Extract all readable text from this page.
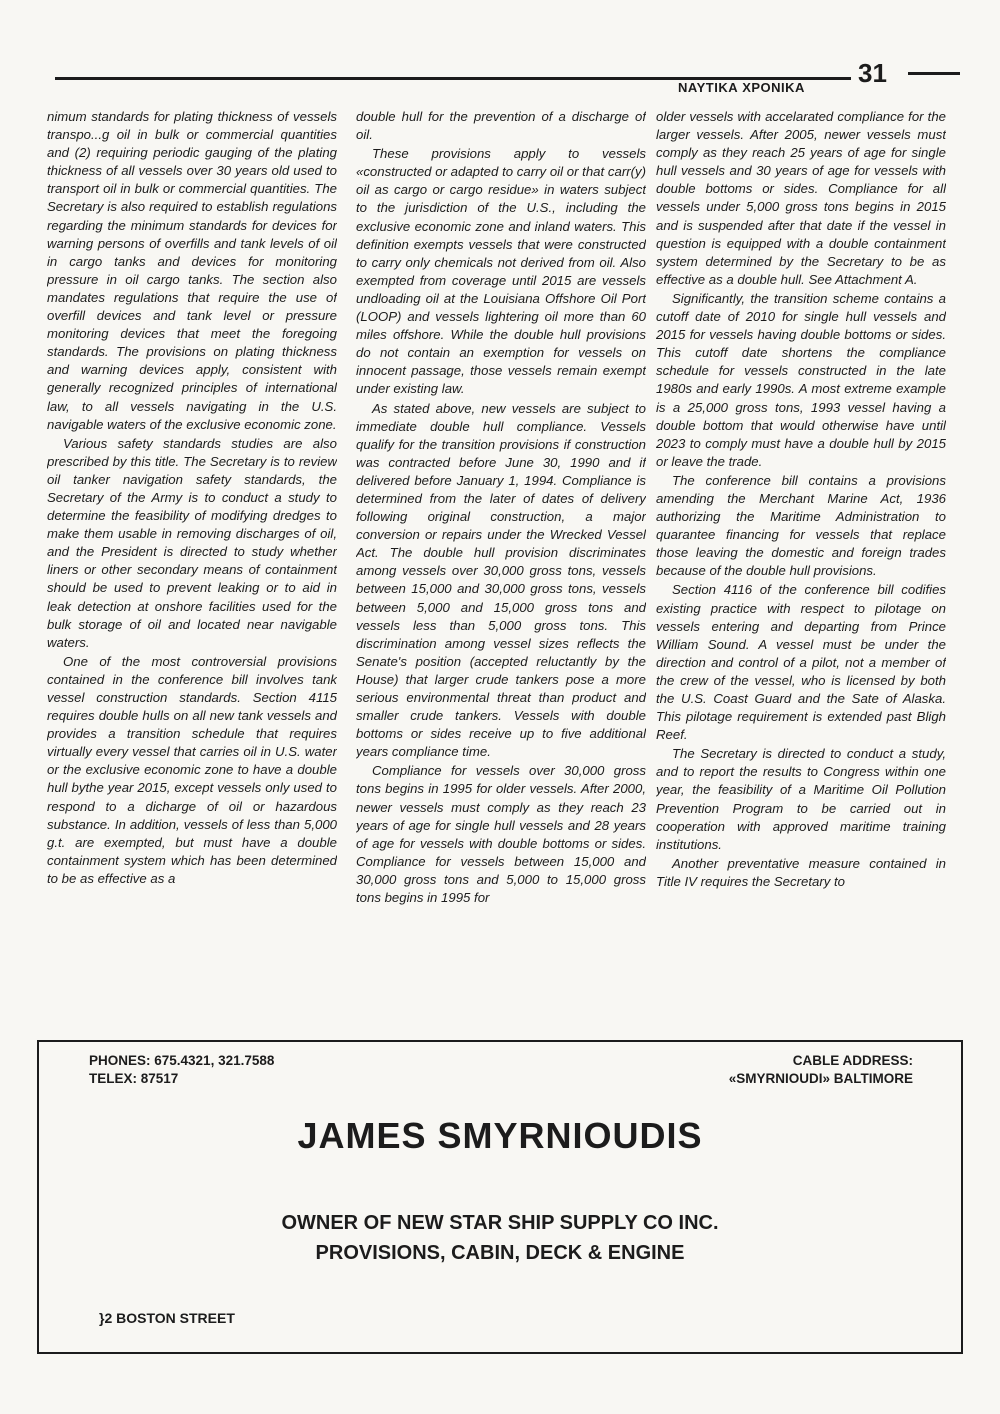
ΝΑΥΤΙΚΑ ΧΡΟΝΙΚΑ 31

nimum standards for plating thickness of vessels transpo...g oil in bulk or commercial quantities and (2) requiring periodic gauging of the plating thickness of all vessels over 30 years old used to transport oil in bulk or commercial quantities. The Secretary is also required to establish regulations regarding the minimum standards for devices for warning persons of overfills and tank levels of oil in cargo tanks and devices for monitoring pressure in oil cargo tanks. The section also mandates regulations that require the use of overfill devices and tank level or pressure monitoring devices that meet the foregoing standards. The provisions on plating thickness and warning devices apply, consistent with generally recognized principles of international law, to all vessels navigating in the U.S. navigable waters of the exclusive economic zone.

Various safety standards studies are also prescribed by this title. The Secretary is to review oil tanker navigation safety standards, the Secretary of the Army is to conduct a study to determine the feasibility of modifying dredges to make them usable in removing discharges of oil, and the President is directed to study whether liners or other secondary means of containment should be used to prevent leaking or to aid in leak detection at onshore facilities used for the bulk storage of oil and located near navigable waters.

One of the most controversial provisions contained in the conference bill involves tank vessel construction standards. Section 4115 requires double hulls on all new tank vessels and provides a transition schedule that requires virtually every vessel that carries oil in U.S. water or the exclusive economic zone to have a double hull bythe year 2015, except vessels only used to respond to a dicharge of oil or hazardous substance. In addition, vessels of less than 5,000 g.t. are exempted, but must have a double containment system which has been determined to be as effective as a

double hull for the prevention of a discharge of oil.

These provisions apply to vessels «constructed or adapted to carry oil or that carr(y) oil as cargo or cargo residue» in waters subject to the jurisdiction of the U.S., including the exclusive economic zone and inland waters. This definition exempts vessels that were constructed to carry only chemicals not derived from oil. Also exempted from coverage until 2015 are vessels undloading oil at the Louisiana Offshore Oil Port (LOOP) and vessels lightering oil more than 60 miles offshore. While the double hull provisions do not contain an exemption for vessels on innocent passage, those vessels remain exempt under existing law.

As stated above, new vessels are subject to immediate double hull compliance. Vessels qualify for the transition provisions if construction was contracted before June 30, 1990 and if delivered before January 1, 1994. Compliance is determined from the later of dates of delivery following original construction, a major conversion or repairs under the Wrecked Vessel Act. The double hull provision discriminates among vessels over 30,000 gross tons, vessels between 15,000 and 30,000 gross tons, vessels between 5,000 and 15,000 gross tons and vessels less than 5,000 gross tons. This discrimination among vessel sizes reflects the Senate's position (accepted reluctantly by the House) that larger crude tankers pose a more serious environmental threat than product and smaller crude tankers. Vessels with double bottoms or sides receive up to five additional years compliance time.

Compliance for vessels over 30,000 gross tons begins in 1995 for older vessels. After 2000, newer vessels must comply as they reach 23 years of age for single hull vessels and 28 years of age for vessels with double bottoms or sides. Compliance for vessels between 15,000 and 30,000 gross tons and 5,000 to 15,000 gross tons begins in 1995 for

older vessels with accelarated compliance for the larger vessels. After 2005, newer vessels must comply as they reach 25 years of age for single hull vessels and 30 years of age for vessels with double bottoms or sides. Compliance for all vessels under 5,000 gross tons begins in 2015 and is suspended after that date if the vessel in question is equipped with a double containment system determined by the Secretary to be as effective as a double hull. See Attachment A.

Significantly, the transition scheme contains a cutoff date of 2010 for single hull vessels and 2015 for vessels having double bottoms or sides. This cutoff date shortens the compliance schedule for vessels constructed in the late 1980s and early 1990s. A most extreme example is a 25,000 gross tons, 1993 vessel having a double bottom that would otherwise have until 2023 to comply must have a double hull by 2015 or leave the trade.

The conference bill contains a provisions amending the Merchant Marine Act, 1936 authorizing the Maritime Administration to quarantee financing for vessels that replace those leaving the domestic and foreign trades because of the double hull provisions.

Section 4116 of the conference bill codifies existing practice with respect to pilotage on vessels entering and departing from Prince William Sound. A vessel must be under the direction and control of a pilot, not a member of the crew of the vessel, who is licensed by both the U.S. Coast Guard and the Sate of Alaska. This pilotage requirement is extended past Bligh Reef.

The Secretary is directed to conduct a study, and to report the results to Congress within one year, the feasibility of a Maritime Oil Pollution Prevention Program to be carried out in cooperation with approved maritime training institutions.

Another preventative measure contained in Title IV requires the Secretary to

PHONES: 675.4321, 321.7588
TELEX: 87517
CABLE ADDRESS:
«SMYRNIOUDI» BALTIMORE
JAMES SMYRNIOUDIS
OWNER OF NEW STAR SHIP SUPPLY CO INC.
PROVISIONS, CABIN, DECK & ENGINE
}2 BOSTON STREET
